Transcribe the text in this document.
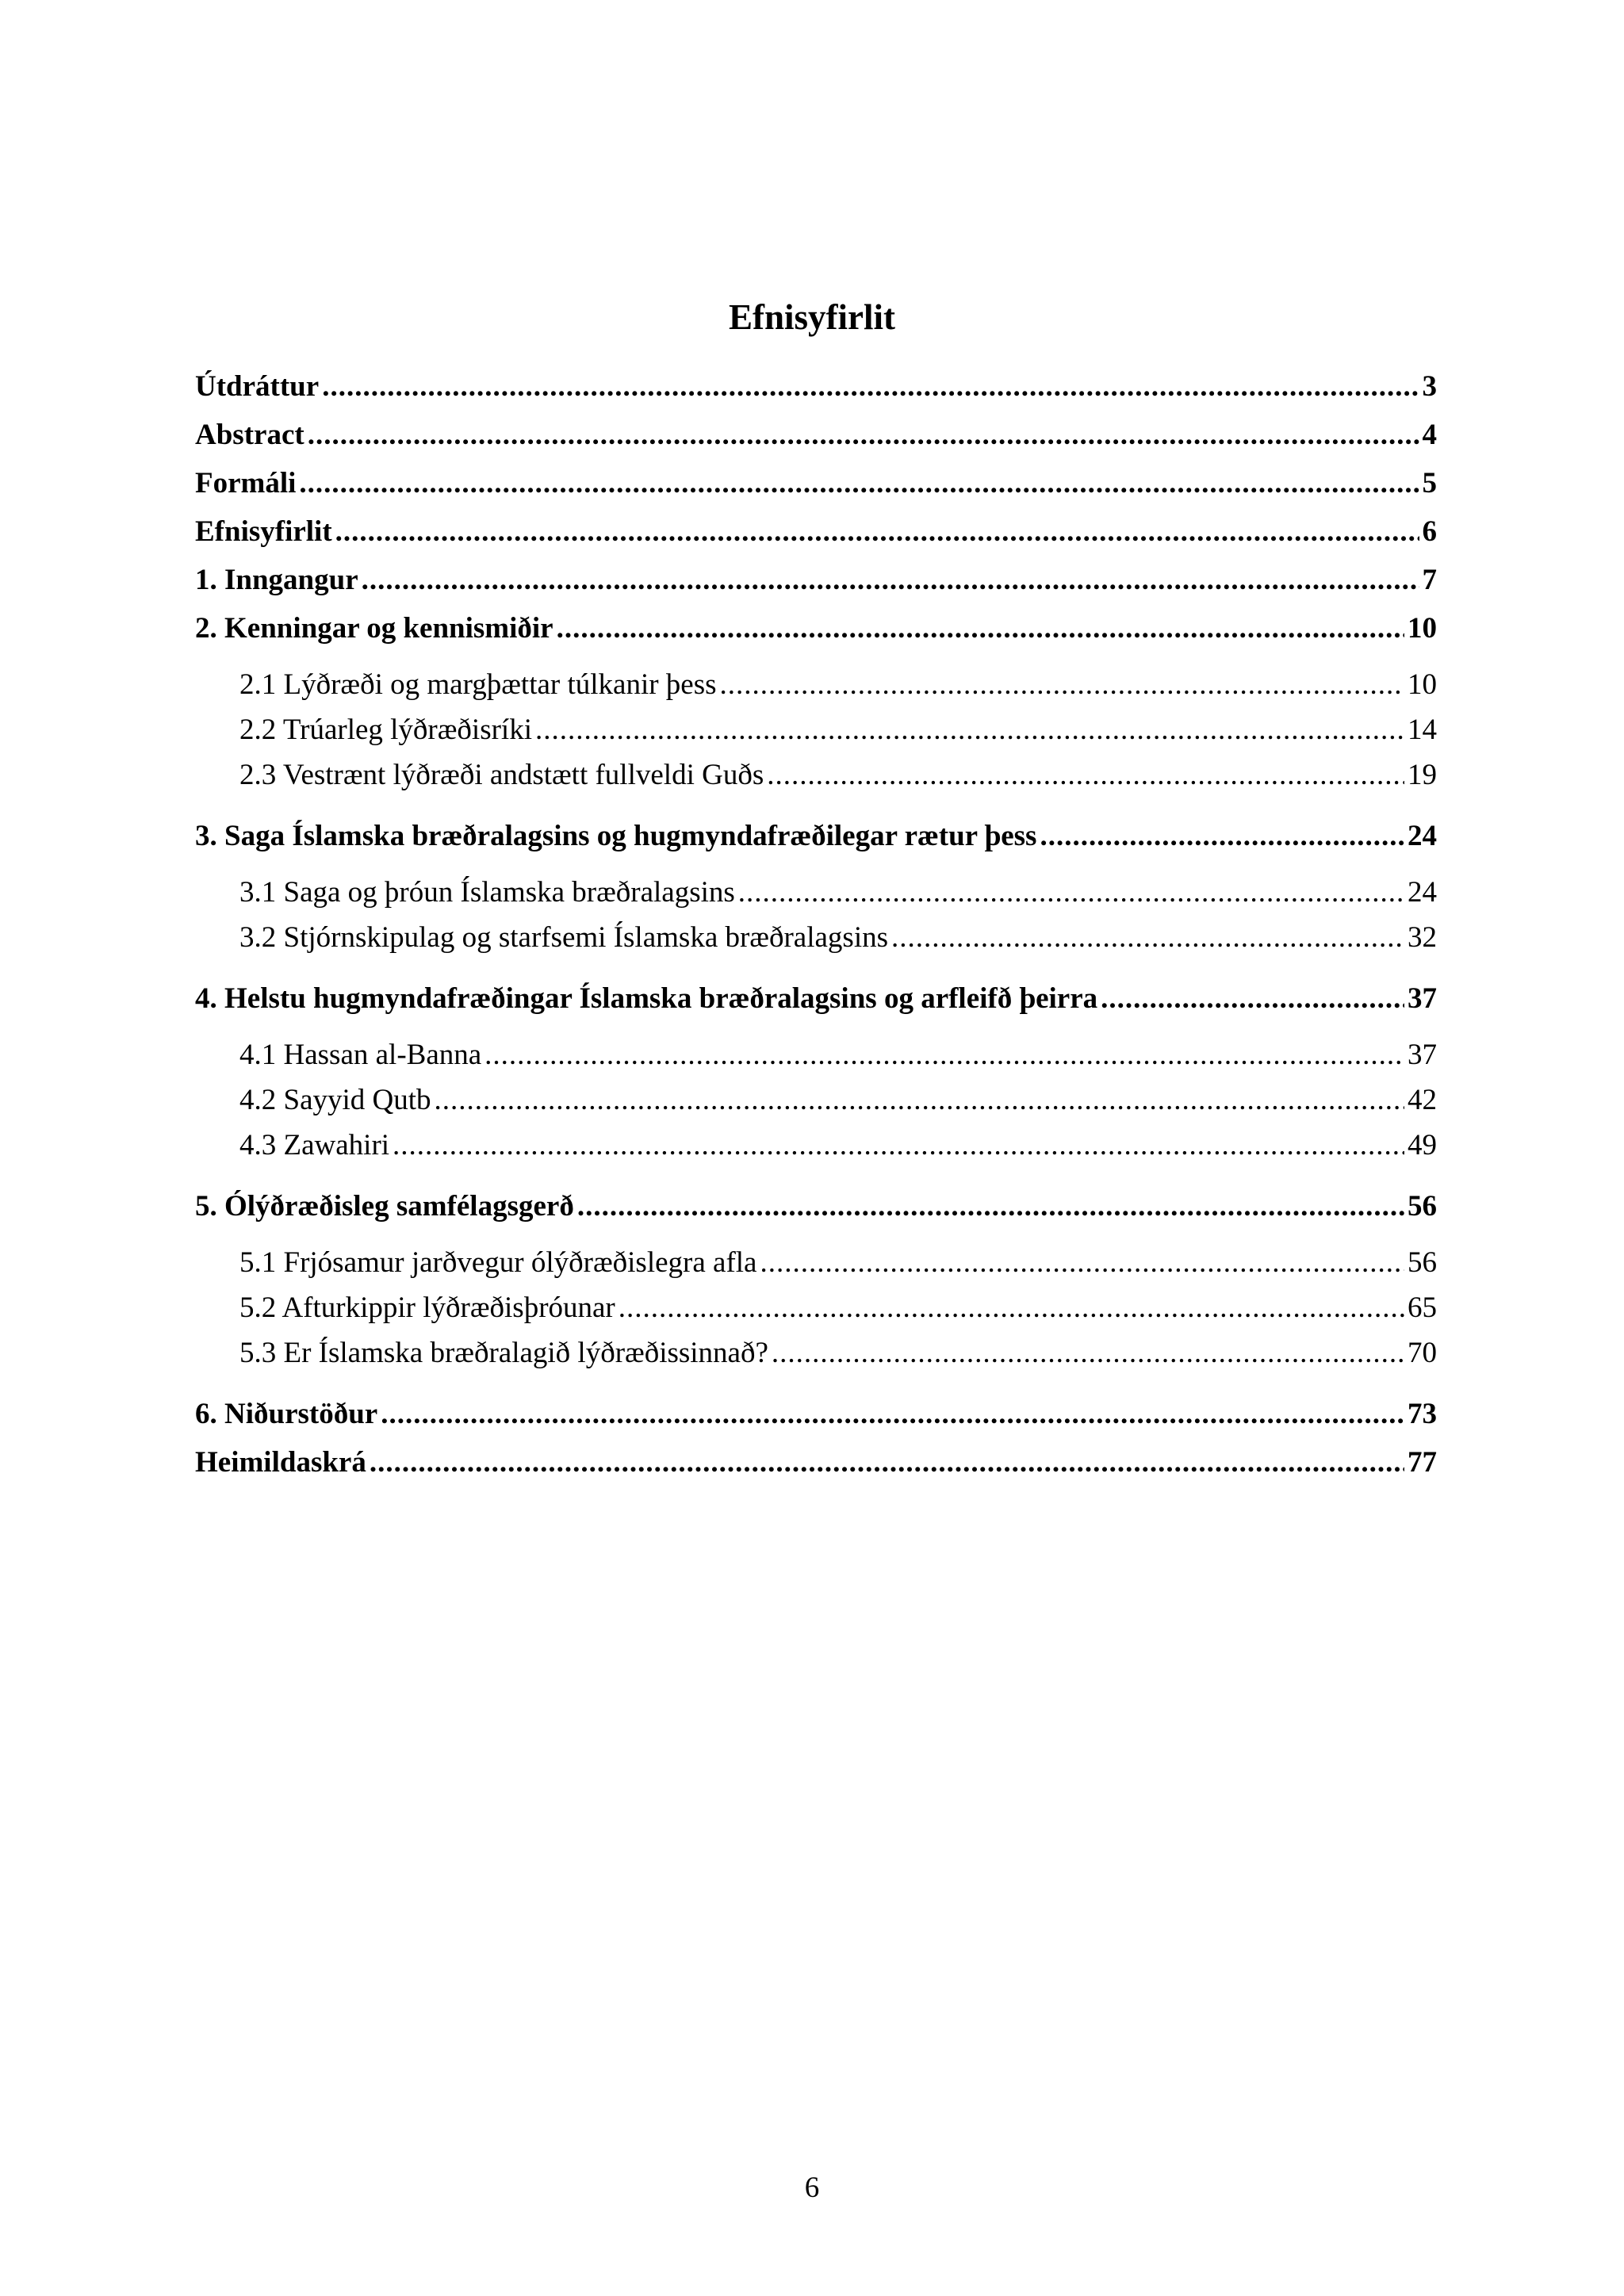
Efnisyfirlit
Útdráttur .....	3
Abstract .....	4
Formáli .....	5
Efnisyfirlit .....	6
1. Inngangur .....	7
2. Kenningar og kennismiðir .....	10
2.1 Lýðræði og margþættar túlkanir þess .....	10
2.2 Trúarleg lýðræðisríki .....	14
2.3 Vestrænt lýðræði andstætt fullveldi Guðs .....	19
3. Saga Íslamska bræðralagsins og hugmyndafræðilegar rætur þess .....	24
3.1 Saga og þróun Íslamska bræðralagsins .....	24
3.2 Stjórnskipulag og starfsemi Íslamska bræðralagsins .....	32
4. Helstu hugmyndafræðingar Íslamska bræðralagsins og arfleifð þeirra .....	37
4.1 Hassan al-Banna .....	37
4.2 Sayyid Qutb .....	42
4.3 Zawahiri .....	49
5. Ólýðræðisleg samfélagsgerð .....	56
5.1 Frjósamur jarðvegur ólýðræðislegra afla .....	56
5.2 Afturkippir lýðræðisþróunar .....	65
5.3 Er Íslamska bræðralagið lýðræðissinnað? .....	70
6. Niðurstöður .....	73
Heimildaskrá .....	77
6
